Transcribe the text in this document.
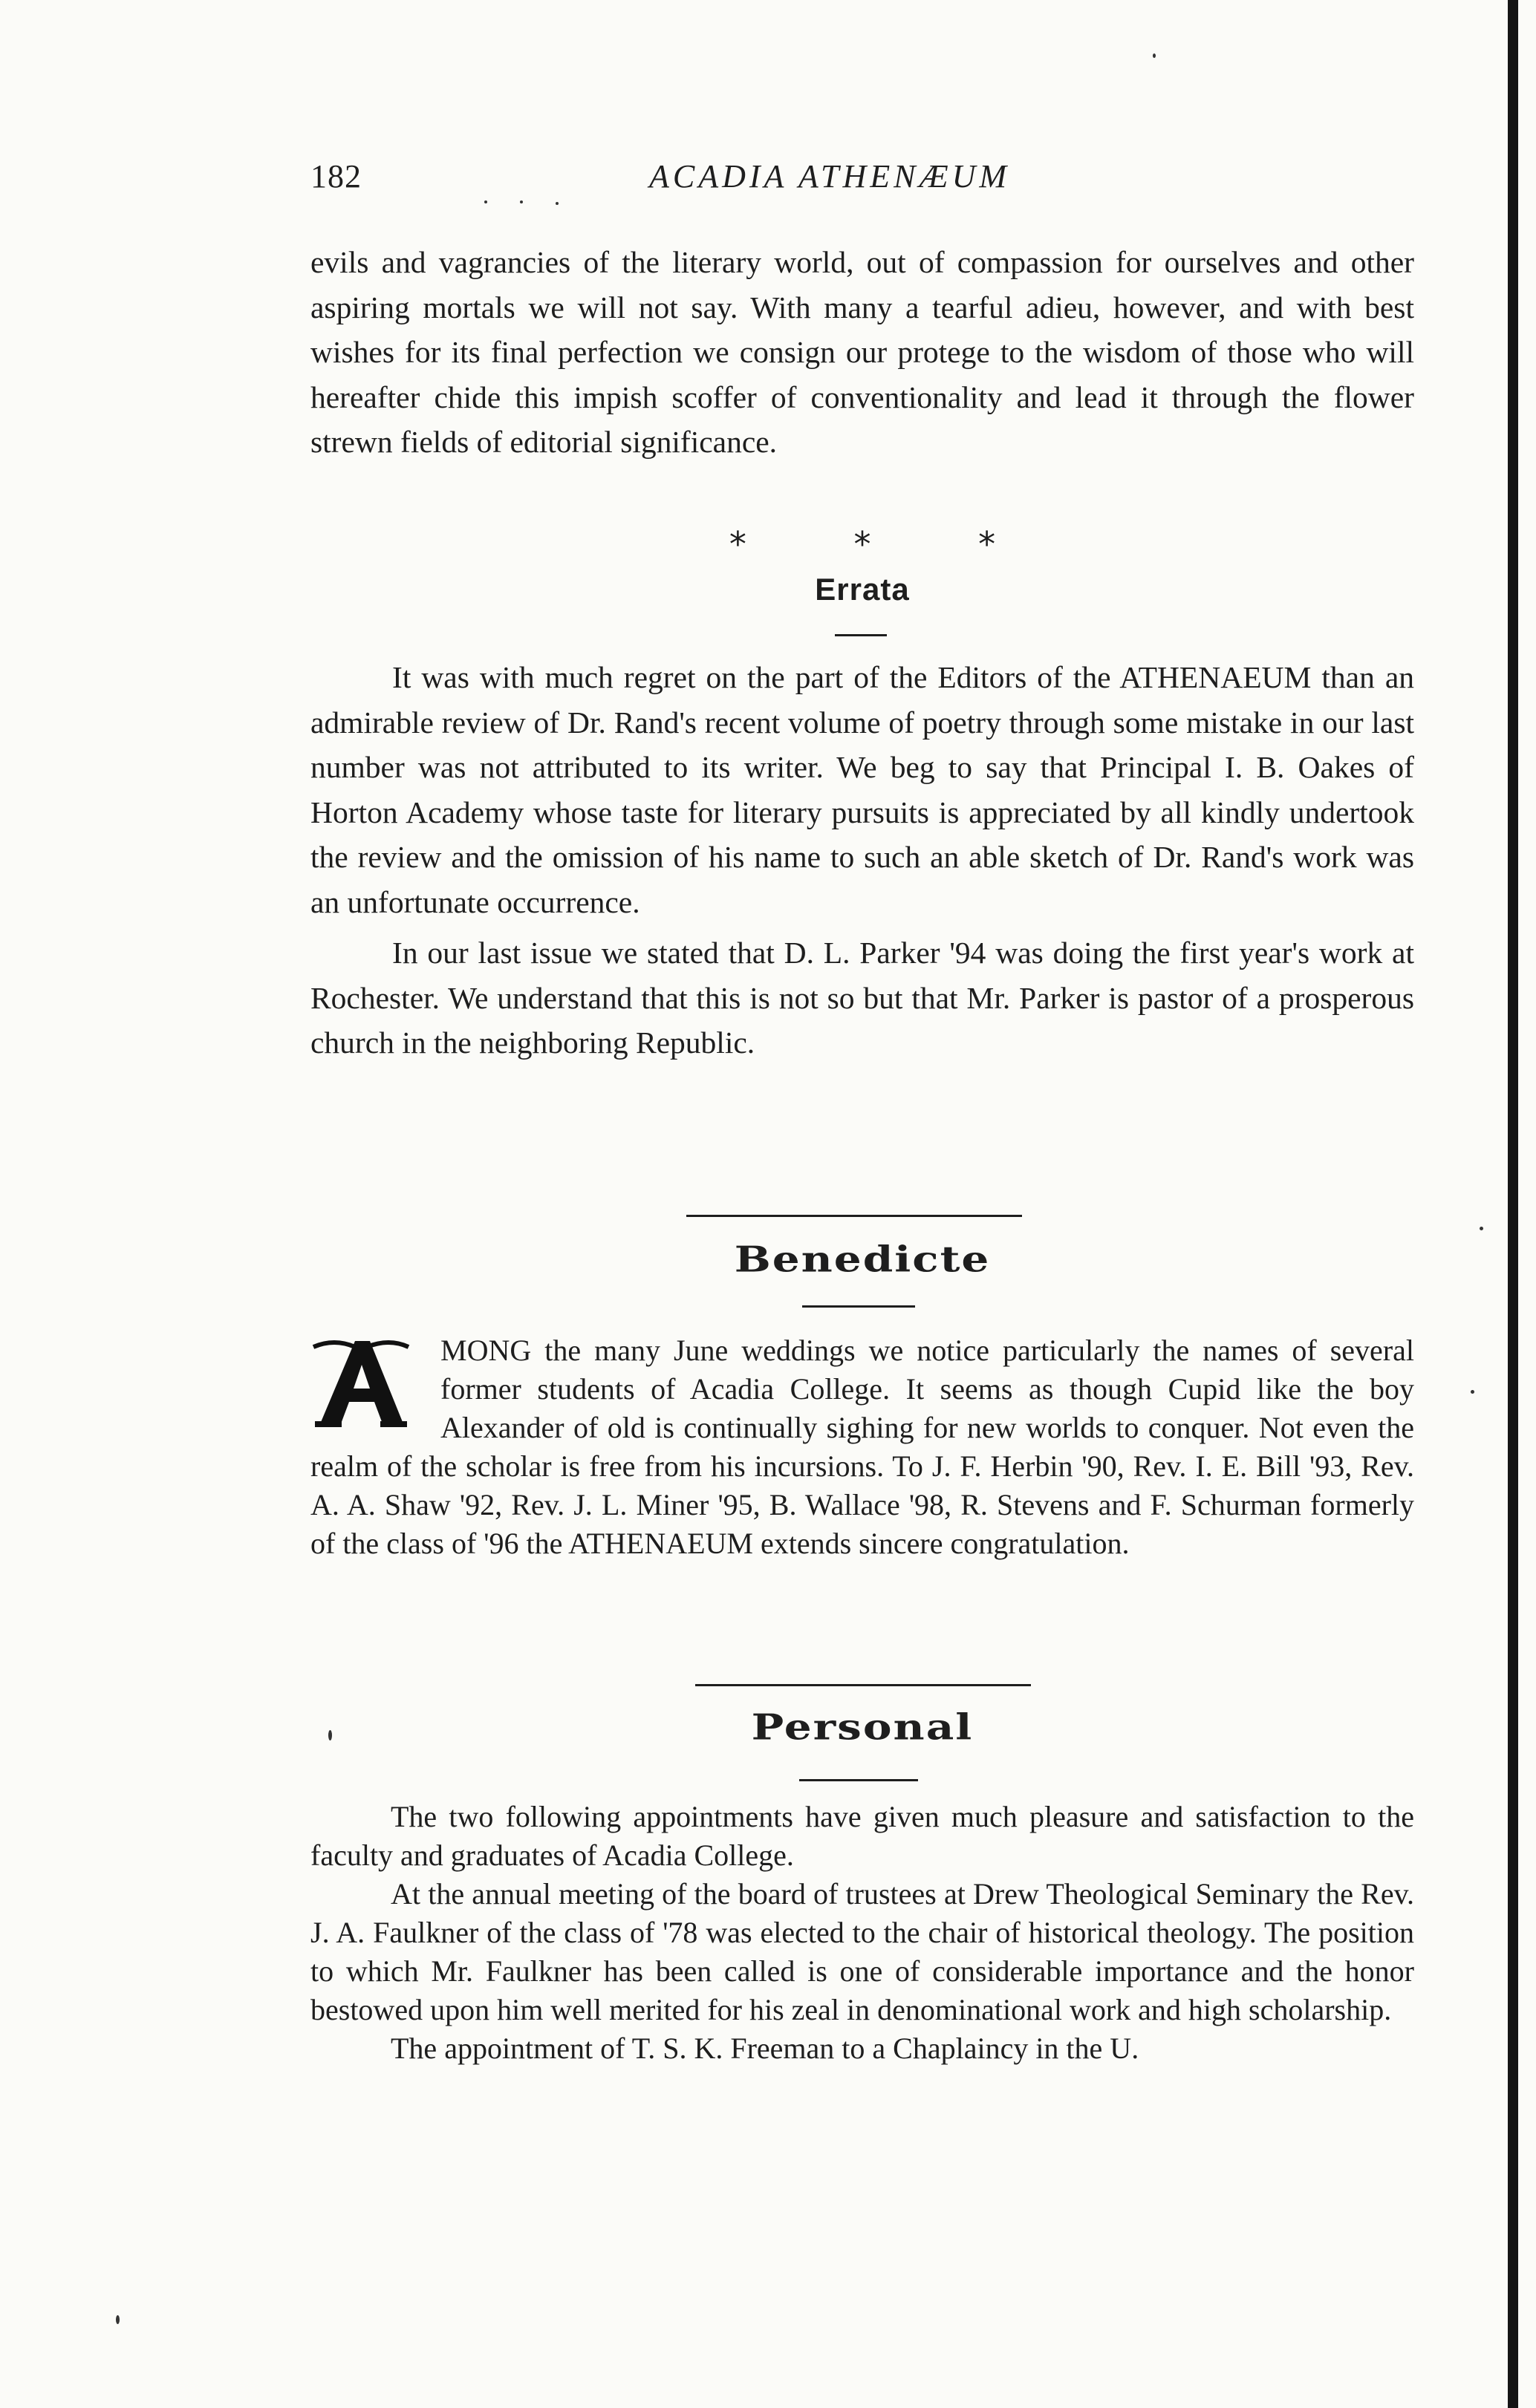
182	ACADIA ATHENÆUM

evils and vagrancies of the literary world, out of compassion for ourselves and other aspiring mortals we will not say. With many a tearful adieu, however, and with best wishes for its final perfection we consign our protege to the wisdom of those who will hereafter chide this impish scoffer of conventionality and lead it through the flower strewn fields of editorial significance.

* * *
Errata

It was with much regret on the part of the Editors of the ATHENAEUM than an admirable review of Dr. Rand's recent volume of poetry through some mistake in our last number was not attributed to its writer. We beg to say that Principal I. B. Oakes of Horton Academy whose taste for literary pursuits is appreciated by all kindly undertook the review and the omission of his name to such an able sketch of Dr. Rand's work was an unfortunate occurrence.

In our last issue we stated that D. L. Parker '94 was doing the first year's work at Rochester. We understand that this is not so but that Mr. Parker is pastor of a prosperous church in the neighboring Republic.

Benedicte

MONG the many June weddings we notice particularly the names of several former students of Acadia College. It seems as though Cupid like the boy Alexander of old is continually sighing for new worlds to conquer. Not even the realm of the scholar is free from his incursions. To J. F. Herbin '90, Rev. I. E. Bill '93, Rev. A. A. Shaw '92, Rev. J. L. Miner '95, B. Wallace '98, R. Stevens and F. Schurman formerly of the class of '96 the ATHENAEUM extends sincere congratulation.

Personal

The two following appointments have given much pleasure and satisfaction to the faculty and graduates of Acadia College.

At the annual meeting of the board of trustees at Drew Theological Seminary the Rev. J. A. Faulkner of the class of '78 was elected to the chair of historical theology. The position to which Mr. Faulkner has been called is one of considerable importance and the honor bestowed upon him well merited for his zeal in denominational work and high scholarship.

The appointment of T. S. K. Freeman to a Chaplaincy in the U.
